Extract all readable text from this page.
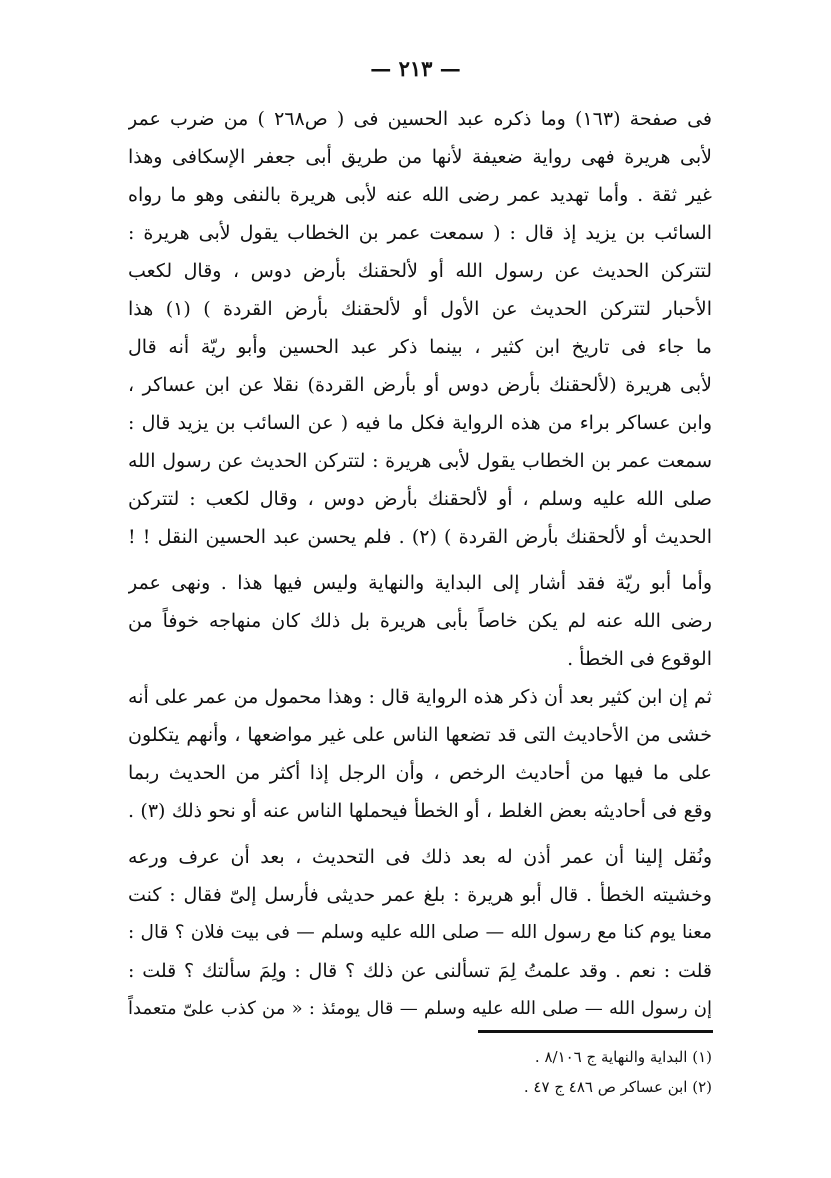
— ٢١٣ —
فى صفحة (١٦٣) وما ذكره عبد الحسين فى ( ص٢٦٨ ) من ضرب عمر
لأبى هريرة فهى رواية ضعيفة لأنها من طريق أبى جعفر الإسكافى وهذا
غير ثقة . وأما تهديد عمر رضى الله عنه لأبى هريرة بالنفى وهو ما رواه
السائب بن يزيد إذ قال : ( سمعت عمر بن الخطاب يقول لأبى هريرة :
لتتركن الحديث عن رسول الله أو لألحقنك بأرض دوس ، وقال لكعب
الأحبار لتتركن الحديث عن الأول أو لألحقنك بأرض القردة ) (١) هذا
ما جاء فى تاريخ ابن كثير ، بينما ذكر عبد الحسين وأبو ريّة أنه قال
لأبى هريرة (لألحقنك بأرض دوس أو بأرض القردة) نقلا عن ابن عساكر ،
وابن عساكر براء من هذه الرواية فكل ما فيه ( عن السائب بن يزيد قال :
سمعت عمر بن الخطاب يقول لأبى هريرة : لتتركن الحديث عن رسول الله
صلى الله عليه وسلم ، أو لألحقنك بأرض دوس ، وقال لكعب : لتتركن
الحديث أو لألحقنك بأرض القردة ) (٢) . فلم يحسن عبد الحسين النقل ! !
وأما أبو ريّة فقد أشار إلى البداية والنهاية وليس فيها هذا . ونهى عمر
رضى الله عنه لم يكن خاصاً بأبى هريرة بل ذلك كان منهاجه خوفاً من
الوقوع فى الخطأ .
ثم إن ابن كثير بعد أن ذكر هذه الرواية قال : وهذا محمول من عمر على أنه
خشى من الأحاديث التى قد تضعها الناس على غير مواضعها ، وأنهم يتكلون
على ما فيها من أحاديث الرخص ، وأن الرجل إذا أكثر من الحديث ربما
وقع فى أحاديثه بعض الغلط ، أو الخطأ فيحملها الناس عنه أو نحو ذلك (٣) .
ونُقل إلينا أن عمر أذن له بعد ذلك فى التحديث ، بعد أن عرف ورعه
وخشيته الخطأ . قال أبو هريرة : بلغ عمر حديثى فأرسل إلىّ فقال : كنت
معنا يوم كنا مع رسول الله — صلى الله عليه وسلم — فى بيت فلان ؟ قال :
قلت : نعم . وقد علمتُ لِمَ تسألنى عن ذلك ؟ قال : ولِمَ سألتك ؟ قلت :
إن رسول الله — صلى الله عليه وسلم — قال يومئذ : « من كذب علىّ متعمداً
(١) البداية والنهاية ج ٨/١٠٦ .
(٢) ابن عساكر ص ٤٨٦ ج ٤٧ .
